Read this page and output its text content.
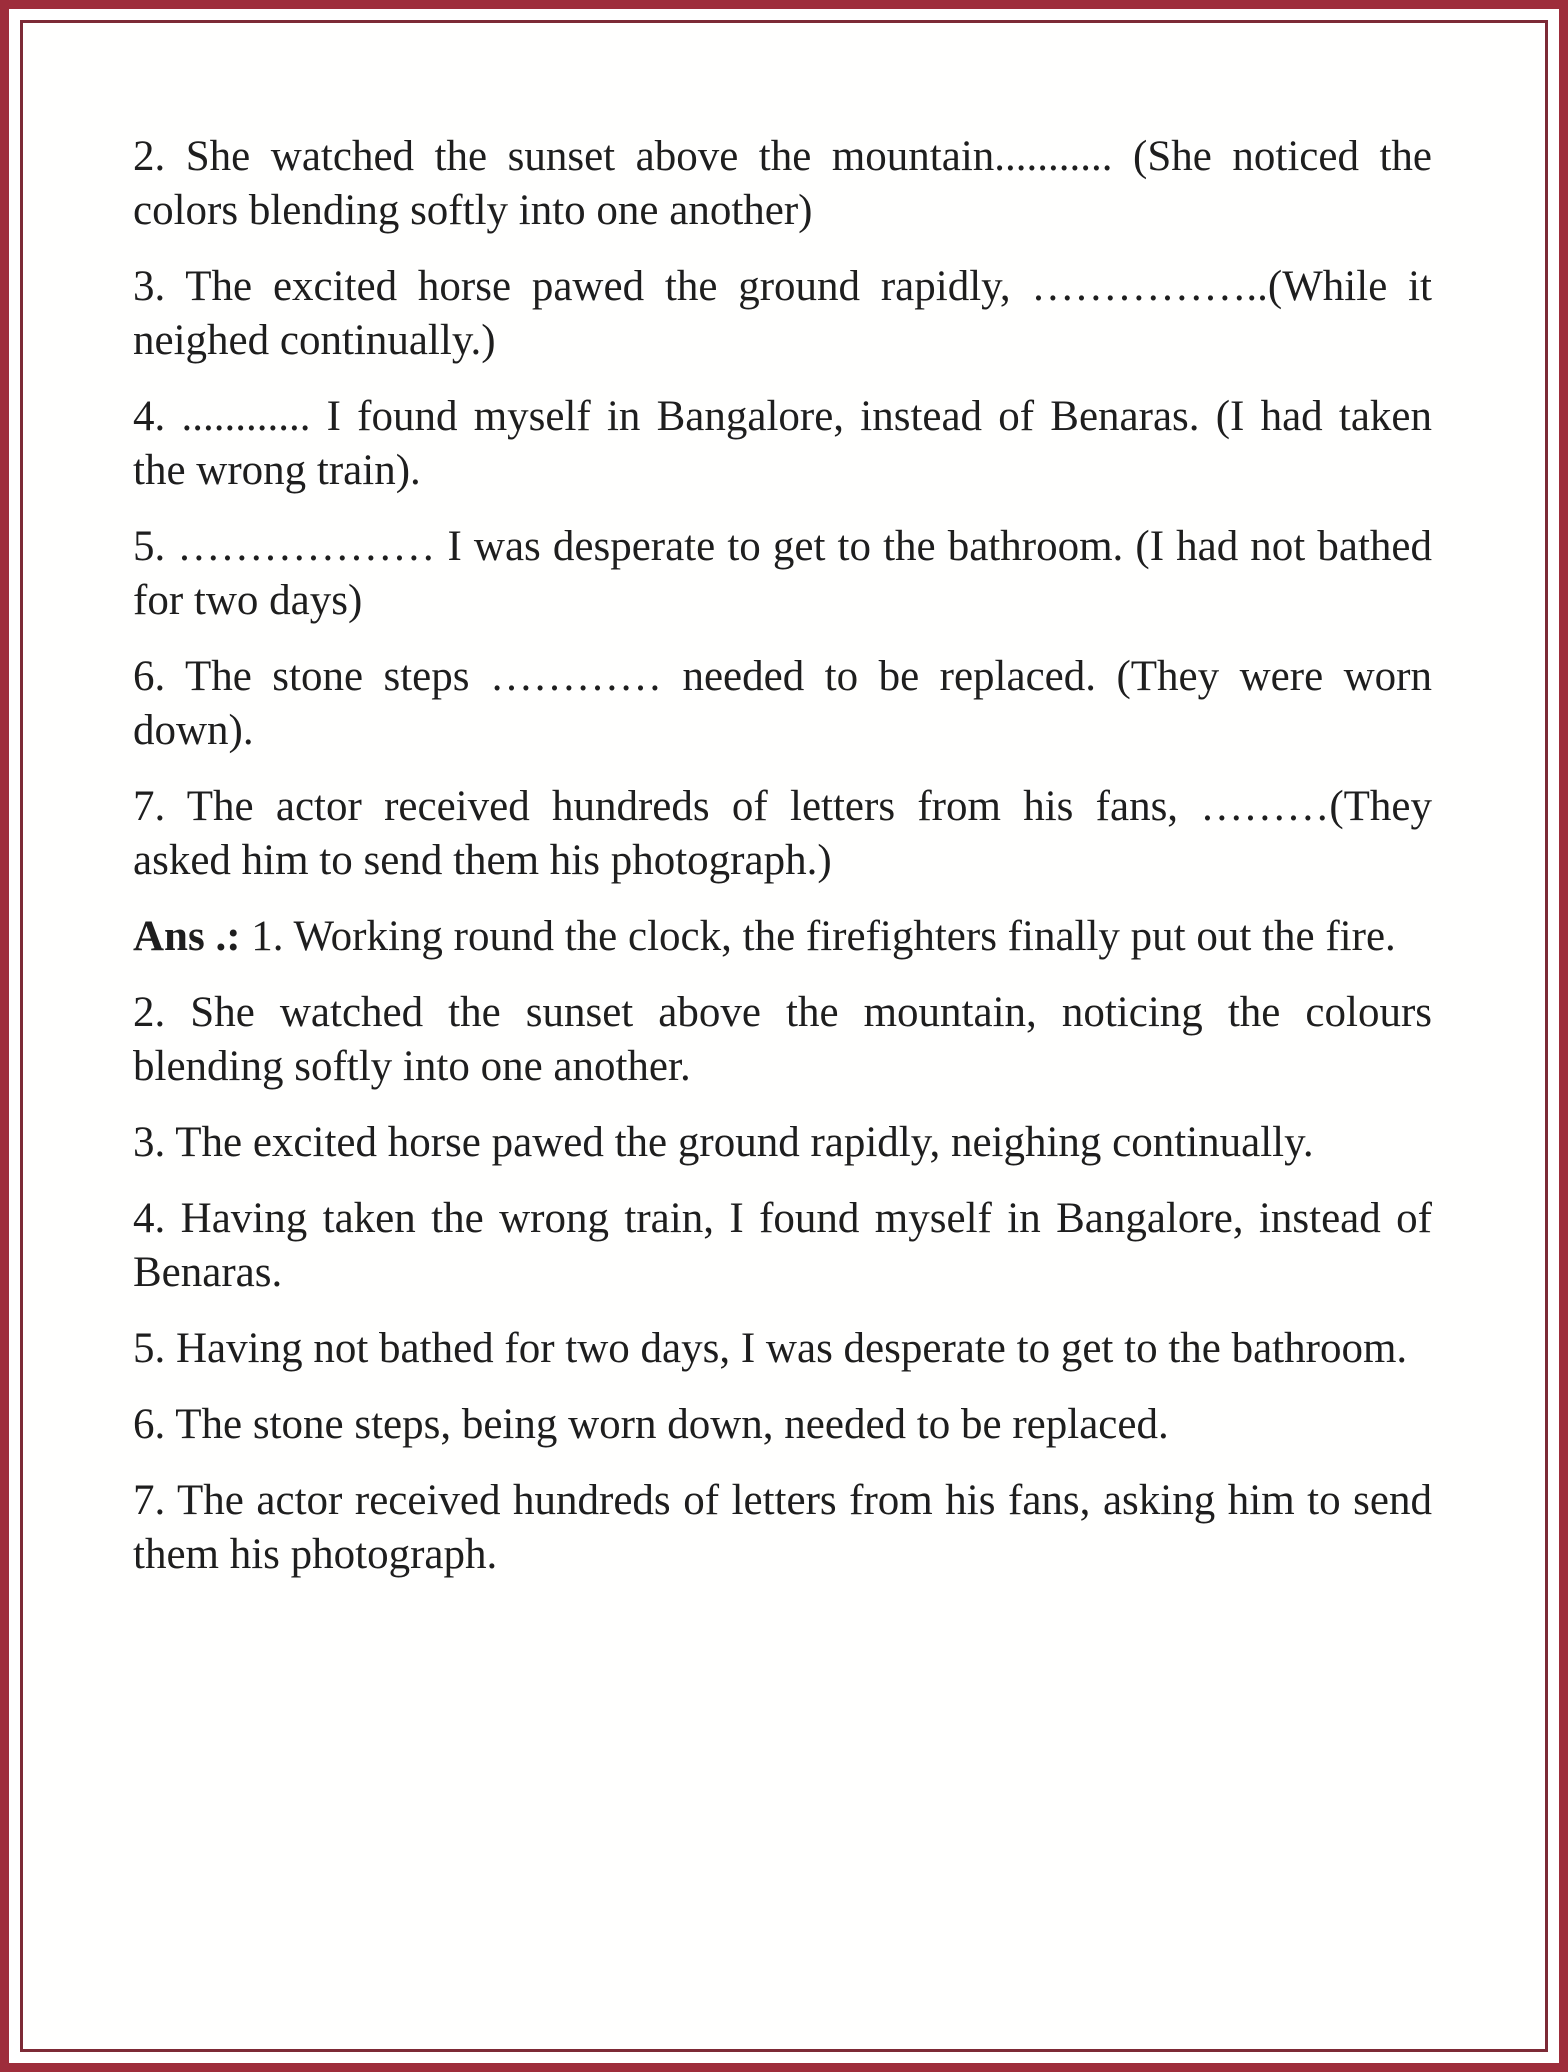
2. She watched the sunset above the mountain........... (She noticed the
colors blending softly into one another)
3. The excited horse pawed the ground rapidly, ……………..(While it
neighed continually.)
4. ............ I found myself in Bangalore, instead of Benaras. (I had taken
the wrong train).
5. ……………… I was desperate to get to the bathroom. (I had not bathed
for two days)
6. The stone steps ………… needed to be replaced. (They were worn
down).
7. The actor received hundreds of letters from his fans, ………(They
asked him to send them his photograph.)
Ans .: 1. Working round the clock, the firefighters finally put out the fire.
2. She watched the sunset above the mountain, noticing the colours
blending softly into one another.
3. The excited horse pawed the ground rapidly, neighing continually.
4. Having taken the wrong train, I found myself in Bangalore, instead of
Benaras.
5. Having not bathed for two days, I was desperate to get to the bathroom.
6. The stone steps, being worn down, needed to be replaced.
7. The actor received hundreds of letters from his fans, asking him to send
them his photograph.
